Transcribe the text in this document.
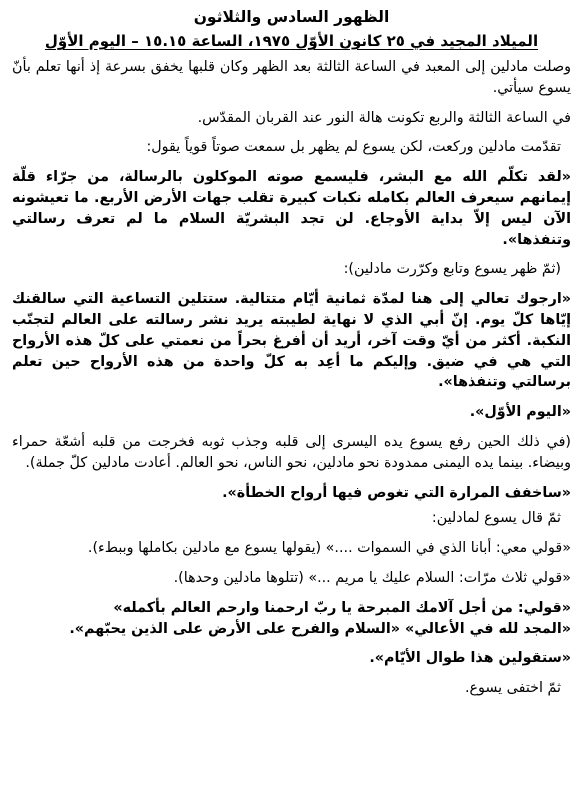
الظهور السادس والثلاثون
الميلاد المجيد في ٢٥ كانون الأوّل ١٩٧٥، الساعة ١٥.١٥ – اليوم الأوّل

وصلت مادلين إلى المعبد في الساعة الثالثة بعد الظهر وكان قلبها يخفق بسرعة إذ أنها تعلم بأنّ يسوع سيأتي.

في الساعة الثالثة والربع تكونت هالة النور عند القربان المقدّس.

تقدّمت مادلين وركعت، لكن يسوع لم يظهر بل سمعت صوتاً قوياً يقول:

«لقد تكلّم الله مع البشر، فليسمع صوته الموكلون بالرسالة، من جرّاء قلّة إيمانهم سيعرف العالم بكامله نكبات كبيرة تقلب جهات الأرض الأربع. ما تعيشونه الآن ليس إلاّ بداية الأوجاع. لن تجد البشريّة السلام ما لم تعرف رسالتي وتنفذها».

(ثمّ ظهر يسوع وتابع وكرّرت مادلين):

«ارجوك تعالي إلى هنا لمدّة ثمانية أيّام متتالية. ستتلين التساعية التي سالقنك إيّاها كلّ يوم. إنّ أبي الذي لا نهاية لطيبته يريد نشر رسالته على العالم لتجنّب النكبة. أكثر من أيّ وقت آخر، أريد أن أفرغ بحراً من نعمتي على كلّ هذه الأرواح التي هي في ضيق. وإليكم ما أعِد به كلّ واحدة من هذه الأرواح حين تعلم برسالتي وتنفذها».

«اليوم الأوّل».

(في ذلك الحين رفع يسوع يده اليسرى إلى قلبه وجذب ثوبه فخرجت من قلبه أشعّة حمراء وبيضاء. بينما يده اليمنى ممدودة نحو مادلين، نحو الناس، نحو العالم. أعادت مادلين كلّ جملة).

«ساخفف المرارة التي تغوص فيها أرواح الخطأة».

ثمّ قال يسوع لمادلين:

«قولي معي: أبانا الذي في السموات ....» (يقولها يسوع مع مادلين بكاملها وببطء).

«قولي ثلاث مرّات: السلام عليك يا مريم ...» (تتلوها مادلين وحدها).

«قولي: من أجل آلامك المبرحة يا ربّ ارحمنا وارحم العالم بأكمله»

«المجد لله في الأعالي» «السلام والفرح على الأرض على الذين يحبّهم».

«ستقولين هذا طوال الأيّام».

ثمّ اختفى يسوع.
